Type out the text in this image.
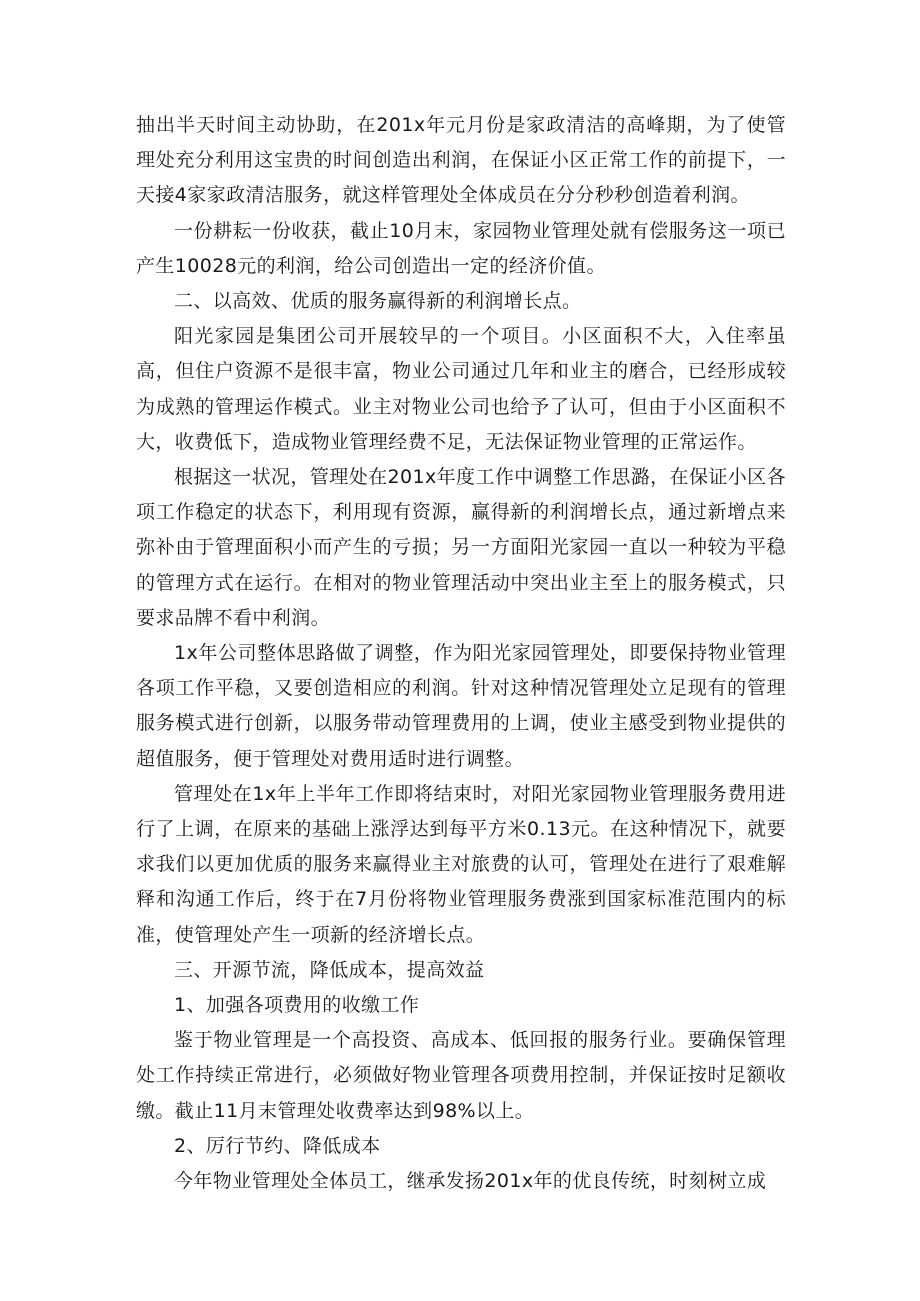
抽出半天时间主动协助，在201x年元月份是家政清洁的高峰期，为了使管理处充分利用这宝贵的时间创造出利润，在保证小区正常工作的前提下，一天接4家家政清洁服务，就这样管理处全体成员在分分秒秒创造着利润。

一份耕耘一份收获，截止10月末，家园物业管理处就有偿服务这一项已产生10028元的利润，给公司创造出一定的经济价值。

二、以高效、优质的服务赢得新的利润增长点。

阳光家园是集团公司开展较早的一个项目。小区面积不大，入住率虽高，但住户资源不是很丰富，物业公司通过几年和业主的磨合，已经形成较为成熟的管理运作模式。业主对物业公司也给予了认可，但由于小区面积不大，收费低下，造成物业管理经费不足，无法保证物业管理的正常运作。

根据这一状况，管理处在201x年度工作中调整工作思潞，在保证小区各项工作稳定的状态下，利用现有资源，赢得新的利润增长点，通过新增点来弥补由于管理面积小而产生的亏损；另一方面阳光家园一直以一种较为平稳的管理方式在运行。在相对的物业管理活动中突出业主至上的服务模式，只要求品牌不看中利润。

1x年公司整体思路做了调整，作为阳光家园管理处，即要保持物业管理各项工作平稳，又要创造相应的利润。针对这种情况管理处立足现有的管理服务模式进行创新，以服务带动管理费用的上调，使业主感受到物业提供的超值服务，便于管理处对费用适时进行调整。

管理处在1x年上半年工作即将结束时，对阳光家园物业管理服务费用进行了上调，在原来的基础上涨浮达到每平方米0.13元。在这种情况下，就要求我们以更加优质的服务来赢得业主对旅费的认可，管理处在进行了艰难解释和沟通工作后，终于在7月份将物业管理服务费涨到国家标准范围内的标准，使管理处产生一项新的经济增长点。

三、开源节流，降低成本，提高效益

1、加强各项费用的收缴工作

鉴于物业管理是一个高投资、高成本、低回报的服务行业。要确保管理处工作持续正常进行，必须做好物业管理各项费用控制，并保证按时足额收缴。截止11月末管理处收费率达到98%以上。

2、厉行节约、降低成本

今年物业管理处全体员工，继承发扬201x年的优良传统，时刻树立成
